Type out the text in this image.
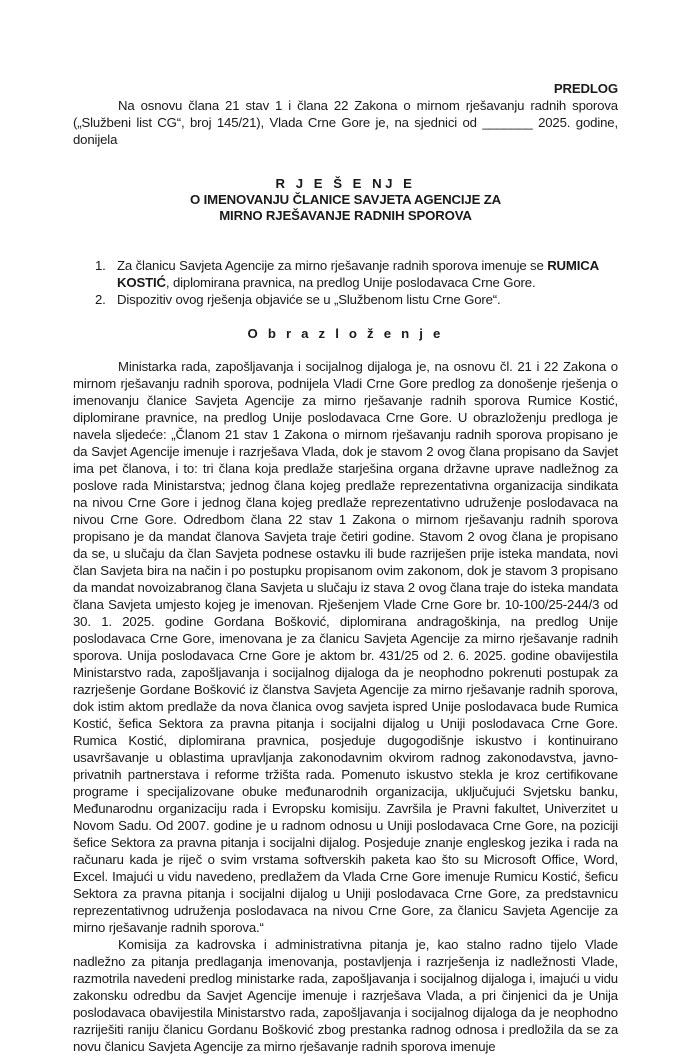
PREDLOG

Na osnovu člana 21 stav 1 i člana 22 Zakona o mirnom rješavanju radnih sporova („Službeni list CG“, broj 145/21), Vlada Crne Gore je, na sjednici od _______ 2025. godine, donijela

R J E Š E NJ E
O IMENOVANJU ČLANICE SAVJETA AGENCIJE ZA
MIRNO RJEŠAVANJE RADNIH SPOROVA
1. Za članicu Savjeta Agencije za mirno rješavanje radnih sporova imenuje se RUMICA KOSTIĆ, diplomirana pravnica, na predlog Unije poslodavaca Crne Gore.
2. Dispozitiv ovog rješenja objaviće se u „Službenom listu Crne Gore“.
O b r a z l o ž e n j e

Ministarka rada, zapošljavanja i socijalnog dijaloga je, na osnovu čl. 21 i 22 Zakona o mirnom rješavanju radnih sporova, podnijela Vladi Crne Gore predlog za donošenje rješenja o imenovanju članice Savjeta Agencije za mirno rješavanje radnih sporova Rumice Kostić, diplomirane pravnice, na predlog Unije poslodavaca Crne Gore. U obrazloženju predloga je navela sljedeće: „Članom 21 stav 1 Zakona o mirnom rješavanju radnih sporova propisano je da Savjet Agencije imenuje i razrješava Vlada, dok je stavom 2 ovog člana propisano da Savjet ima pet članova, i to: tri člana koja predlaže starješina organa državne uprave nadležnog za poslove rada Ministarstva; jednog člana kojeg predlaže reprezentativna organizacija sindikata na nivou Crne Gore i jednog člana kojeg predlaže reprezentativno udruženje poslodavaca na nivou Crne Gore. Odredbom člana 22 stav 1 Zakona o mirnom rješavanju radnih sporova propisano je da mandat članova Savjeta traje četiri godine. Stavom 2 ovog člana je propisano da se, u slučaju da član Savjeta podnese ostavku ili bude razriješen prije isteka mandata, novi član Savjeta bira na način i po postupku propisanom ovim zakonom, dok je stavom 3 propisano da mandat novoizabranog člana Savjeta u slučaju iz stava 2 ovog člana traje do isteka mandata člana Savjeta umjesto kojeg je imenovan. Rješenjem Vlade Crne Gore br. 10-100/25-244/3 od 30. 1. 2025. godine Gordana Bošković, diplomirana andragoškinja, na predlog Unije poslodavaca Crne Gore, imenovana je za članicu Savjeta Agencije za mirno rješavanje radnih sporova. Unija poslodavaca Crne Gore je aktom br. 431/25 od 2. 6. 2025. godine obavijestila Ministarstvo rada, zapošljavanja i socijalnog dijaloga da je neophodno pokrenuti postupak za razrješenje Gordane Bošković iz članstva Savjeta Agencije za mirno rješavanje radnih sporova, dok istim aktom predlaže da nova članica ovog savjeta ispred Unije poslodavaca bude Rumica Kostić, šefica Sektora za pravna pitanja i socijalni dijalog u Uniji poslodavaca Crne Gore. Rumica Kostić, diplomirana pravnica, posjeduje dugogodišnje iskustvo i kontinuirano usavršavanje u oblastima upravljanja zakonodavnim okvirom radnog zakonodavstva, javno-privatnih partnerstava i reforme tržišta rada. Pomenuto iskustvo stekla je kroz certifikovane programe i specijalizovane obuke međunarodnih organizacija, uključujući Svjetsku banku, Međunarodnu organizaciju rada i Evropsku komisiju. Završila je Pravni fakultet, Univerzitet u Novom Sadu. Od 2007. godine je u radnom odnosu u Uniji poslodavaca Crne Gore, na poziciji šefice Sektora za pravna pitanja i socijalni dijalog. Posjeduje znanje engleskog jezika i rada na računaru kada je riječ o svim vrstama softverskih paketa kao što su Microsoft Office, Word, Excel. Imajući u vidu navedeno, predlažem da Vlada Crne Gore imenuje Rumicu Kostić, šeficu Sektora za pravna pitanja i socijalni dijalog u Uniji poslodavaca Crne Gore, za predstavnicu reprezentativnog udruženja poslodavaca na nivou Crne Gore, za članicu Savjeta Agencije za mirno rješavanje radnih sporova.“

Komisija za kadrovska i administrativna pitanja je, kao stalno radno tijelo Vlade nadležno za pitanja predlaganja imenovanja, postavljenja i razrješenja iz nadležnosti Vlade, razmotrila navedeni predlog ministarke rada, zapošljavanja i socijalnog dijaloga i, imajući u vidu zakonsku odredbu da Savjet Agencije imenuje i razrješava Vlada, a pri činjenici da je Unija poslodavaca obavijestila Ministarstvo rada, zapošljavanja i socijalnog dijaloga da je neophodno razriješiti raniju članicu Gordanu Bošković zbog prestanka radnog odnosa i predložila da se za novu članicu Savjeta Agencije za mirno rješavanje radnih sporova imenuje
